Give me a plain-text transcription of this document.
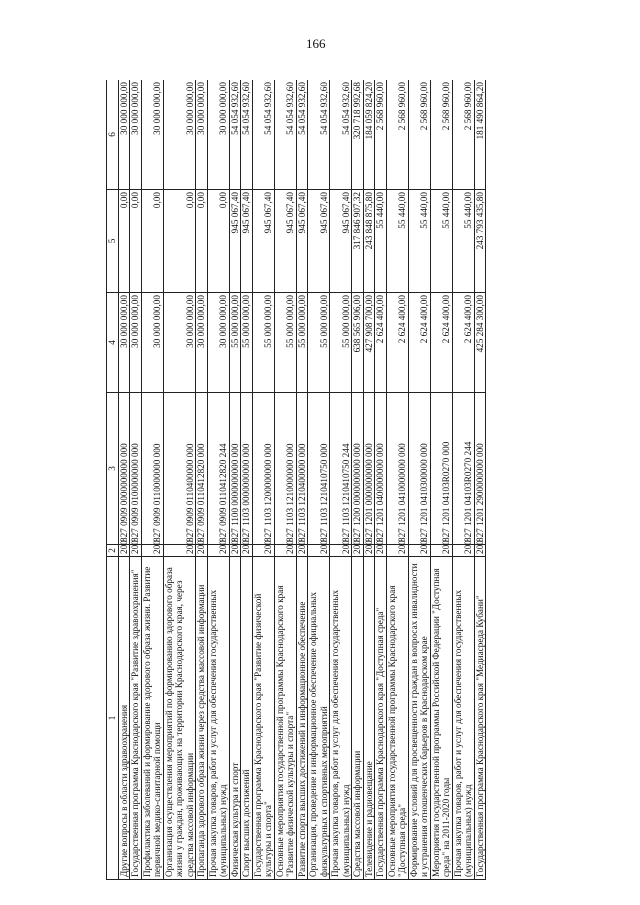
166
1	2	3	4	5	6
Другие вопросы в области здравоохранения	200	827 0909 0000000000 000	30 000 000,00	0,00	30 000 000,00
Государственная программа Краснодарского края "Развитие здравоохранения"	200	827 0909 0100000000 000	30 000 000,00	0,00	30 000 000,00
Профилактика заболеваний и формирование здорового образа жизни. Развитие первичной медико-санитарной помощи	200	827 0909 0110000000 000	30 000 000,00	0,00	30 000 000,00
Организация осуществления мероприятий по формированию здорового образа жизни у граждан, проживающих на территории Краснодарского края, через средства массовой информации	200	827 0909 0110400000 000	30 000 000,00	0,00	30 000 000,00
Пропаганда здорового образа жизни через средства массовой информации	200	827 0909 0110412820 000	30 000 000,00	0,00	30 000 000,00
Прочая закупка товаров, работ и услуг для обеспечения государственных (муниципальных) нужд	200	827 0909 0110412820 244	30 000 000,00	0,00	30 000 000,00
Физическая культура и спорт	200	827 1100 0000000000 000	55 000 000,00	945 067,40	54 054 932,60
Спорт высших достижений	200	827 1103 0000000000 000	55 000 000,00	945 067,40	54 054 932,60
Государственная программа Краснодарского края "Развитие физической культуры и спорта"	200	827 1103 1200000000 000	55 000 000,00	945 067,40	54 054 932,60
Основные мероприятия государственной программы Краснодарского края "Развитие физической культуры и спорта"	200	827 1103 1210000000 000	55 000 000,00	945 067,40	54 054 932,60
Развитие спорта высших достижений и информационное обеспечение	200	827 1103 1210400000 000	55 000 000,00	945 067,40	54 054 932,60
Организация, проведение и информационное обеспечение официальных физкультурных и спортивных мероприятий	200	827 1103 1210410750 000	55 000 000,00	945 067,40	54 054 932,60
Прочая закупка товаров, работ и услуг для обеспечения государственных (муниципальных) нужд	200	827 1103 1210410750 244	55 000 000,00	945 067,40	54 054 932,60
Средства массовой информации	200	827 1200 0000000000 000	638 565 906,00	317 846 907,32	320 718 992,68
Телевидение и радиовещание	200	827 1201 0000000000 000	427 908 700,00	243 848 875,80	184 059 824,20
Государственная программа Краснодарского края "Доступная среда"	200	827 1201 0400000000 000	2 624 400,00	55 440,00	2 568 960,00
Основные мероприятия государственной программы Краснодарского края "Доступная среда"	200	827 1201 0410000000 000	2 624 400,00	55 440,00	2 568 960,00
Формирование условий для просвещенности граждан в вопросах инвалидности и устранения отношенческих барьеров в Краснодарском крае	200	827 1201 0410300000 000	2 624 400,00	55 440,00	2 568 960,00
Мероприятия государственной программы Российской Федерации "Доступная среда" на 2011-2020 годы	200	827 1201 04103R0270 000	2 624 400,00	55 440,00	2 568 960,00
Прочая закупка товаров, работ и услуг для обеспечения государственных (муниципальных) нужд	200	827 1201 04103R0270 244	2 624 400,00	55 440,00	2 568 960,00
Государственная программа Краснодарского края "Медиасреда Кубани"	200	827 1201 2900000000 000	425 284 300,00	243 793 435,80	181 490 864,20
